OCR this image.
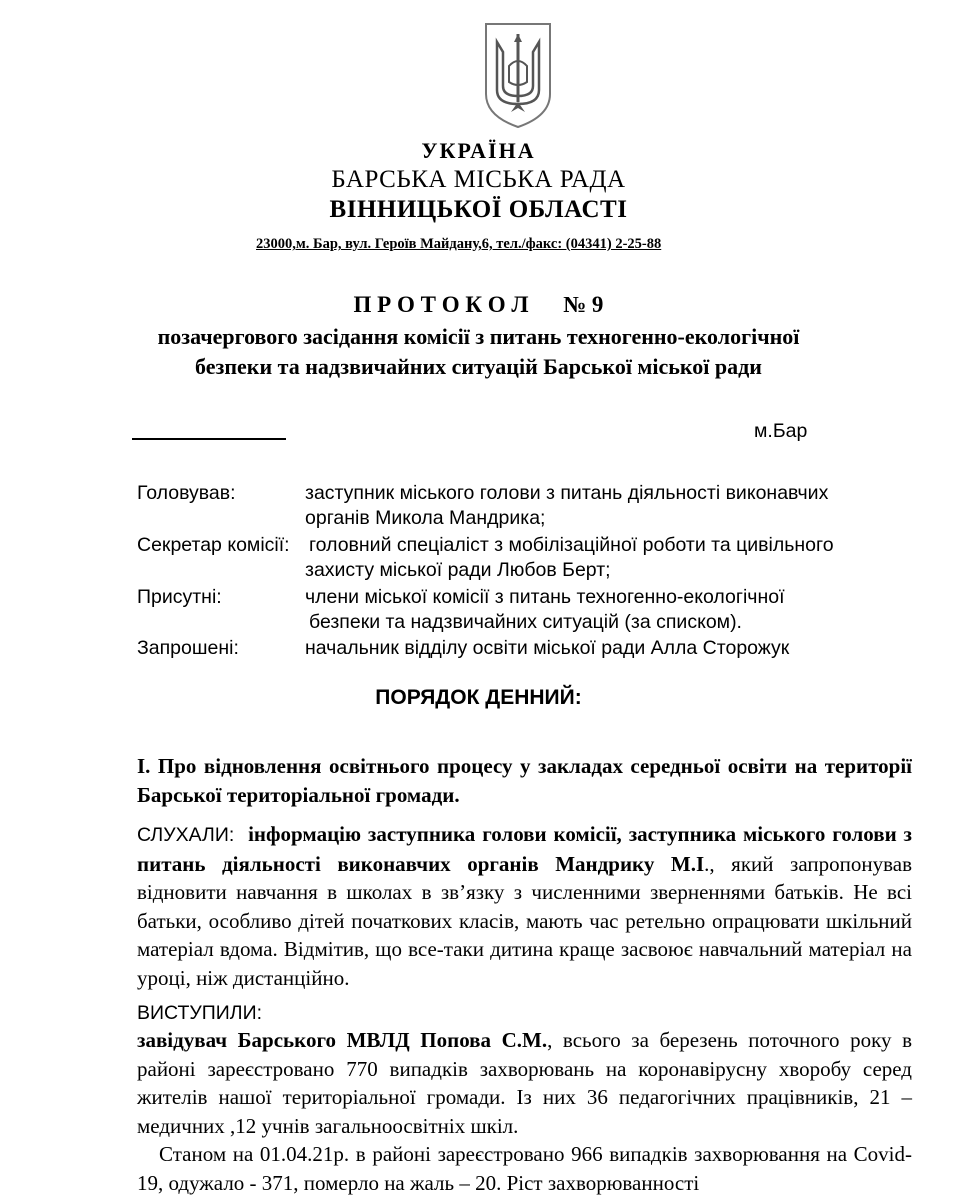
УКРАЇНА
БАРСЬКА МІСЬКА РАДА
ВІННИЦЬКОЇ ОБЛАСТІ
23000,м. Бар, вул. Героїв Майдану,6, тел./факс: (04341) 2-25-88
П Р О Т О К О Л      № 9
позачергового засідання комісії з питань техногенно-екологічної
безпеки та надзвичайних ситуацій Барської міської ради
м.Бар
Головував:	заступник міського голови з питань діяльності виконавчих
органів Микола Мандрика;
Секретар комісії: головний спеціаліст з мобілізаційної роботи та цивільного
захисту міської ради Любов Берт;
Присутні:	члени міської комісії з питань техногенно-екологічної
безпеки та надзвичайних ситуацій (за списком).
Запрошені:	начальник відділу освіти міської ради Алла Сторожук
ПОРЯДОК ДЕННИЙ:

І. Про відновлення освітнього процесу у закладах середньої освіти на території Барської територіальної громади.

СЛУХАЛИ: інформацію заступника голови комісії, заступника міського голови з питань діяльності виконавчих органів Мандрику М.І., який запропонував відновити навчання в школах в зв’язку з численними зверненнями батьків. Не всі батьки, особливо дітей початкових класів, мають час ретельно опрацювати шкільний матеріал вдома. Відмітив, що все-таки дитина краще засвоює навчальний матеріал на уроці, ніж дистанційно.

ВИСТУПИЛИ:

завідувач Барського МВЛД Попова С.М., всього за березень поточного року в районі зареєстровано 770 випадків захворювань на коронавірусну хворобу серед жителів нашої територіальної громади. Із них 36 педагогічних працівників, 21 – медичних ,12 учнів загальноосвітніх шкіл.

Станом на 01.04.21р. в районі зареєстровано 966 випадків захворювання на Covid-19, одужало - 371, померло на жаль – 20. Ріст захворюванності
